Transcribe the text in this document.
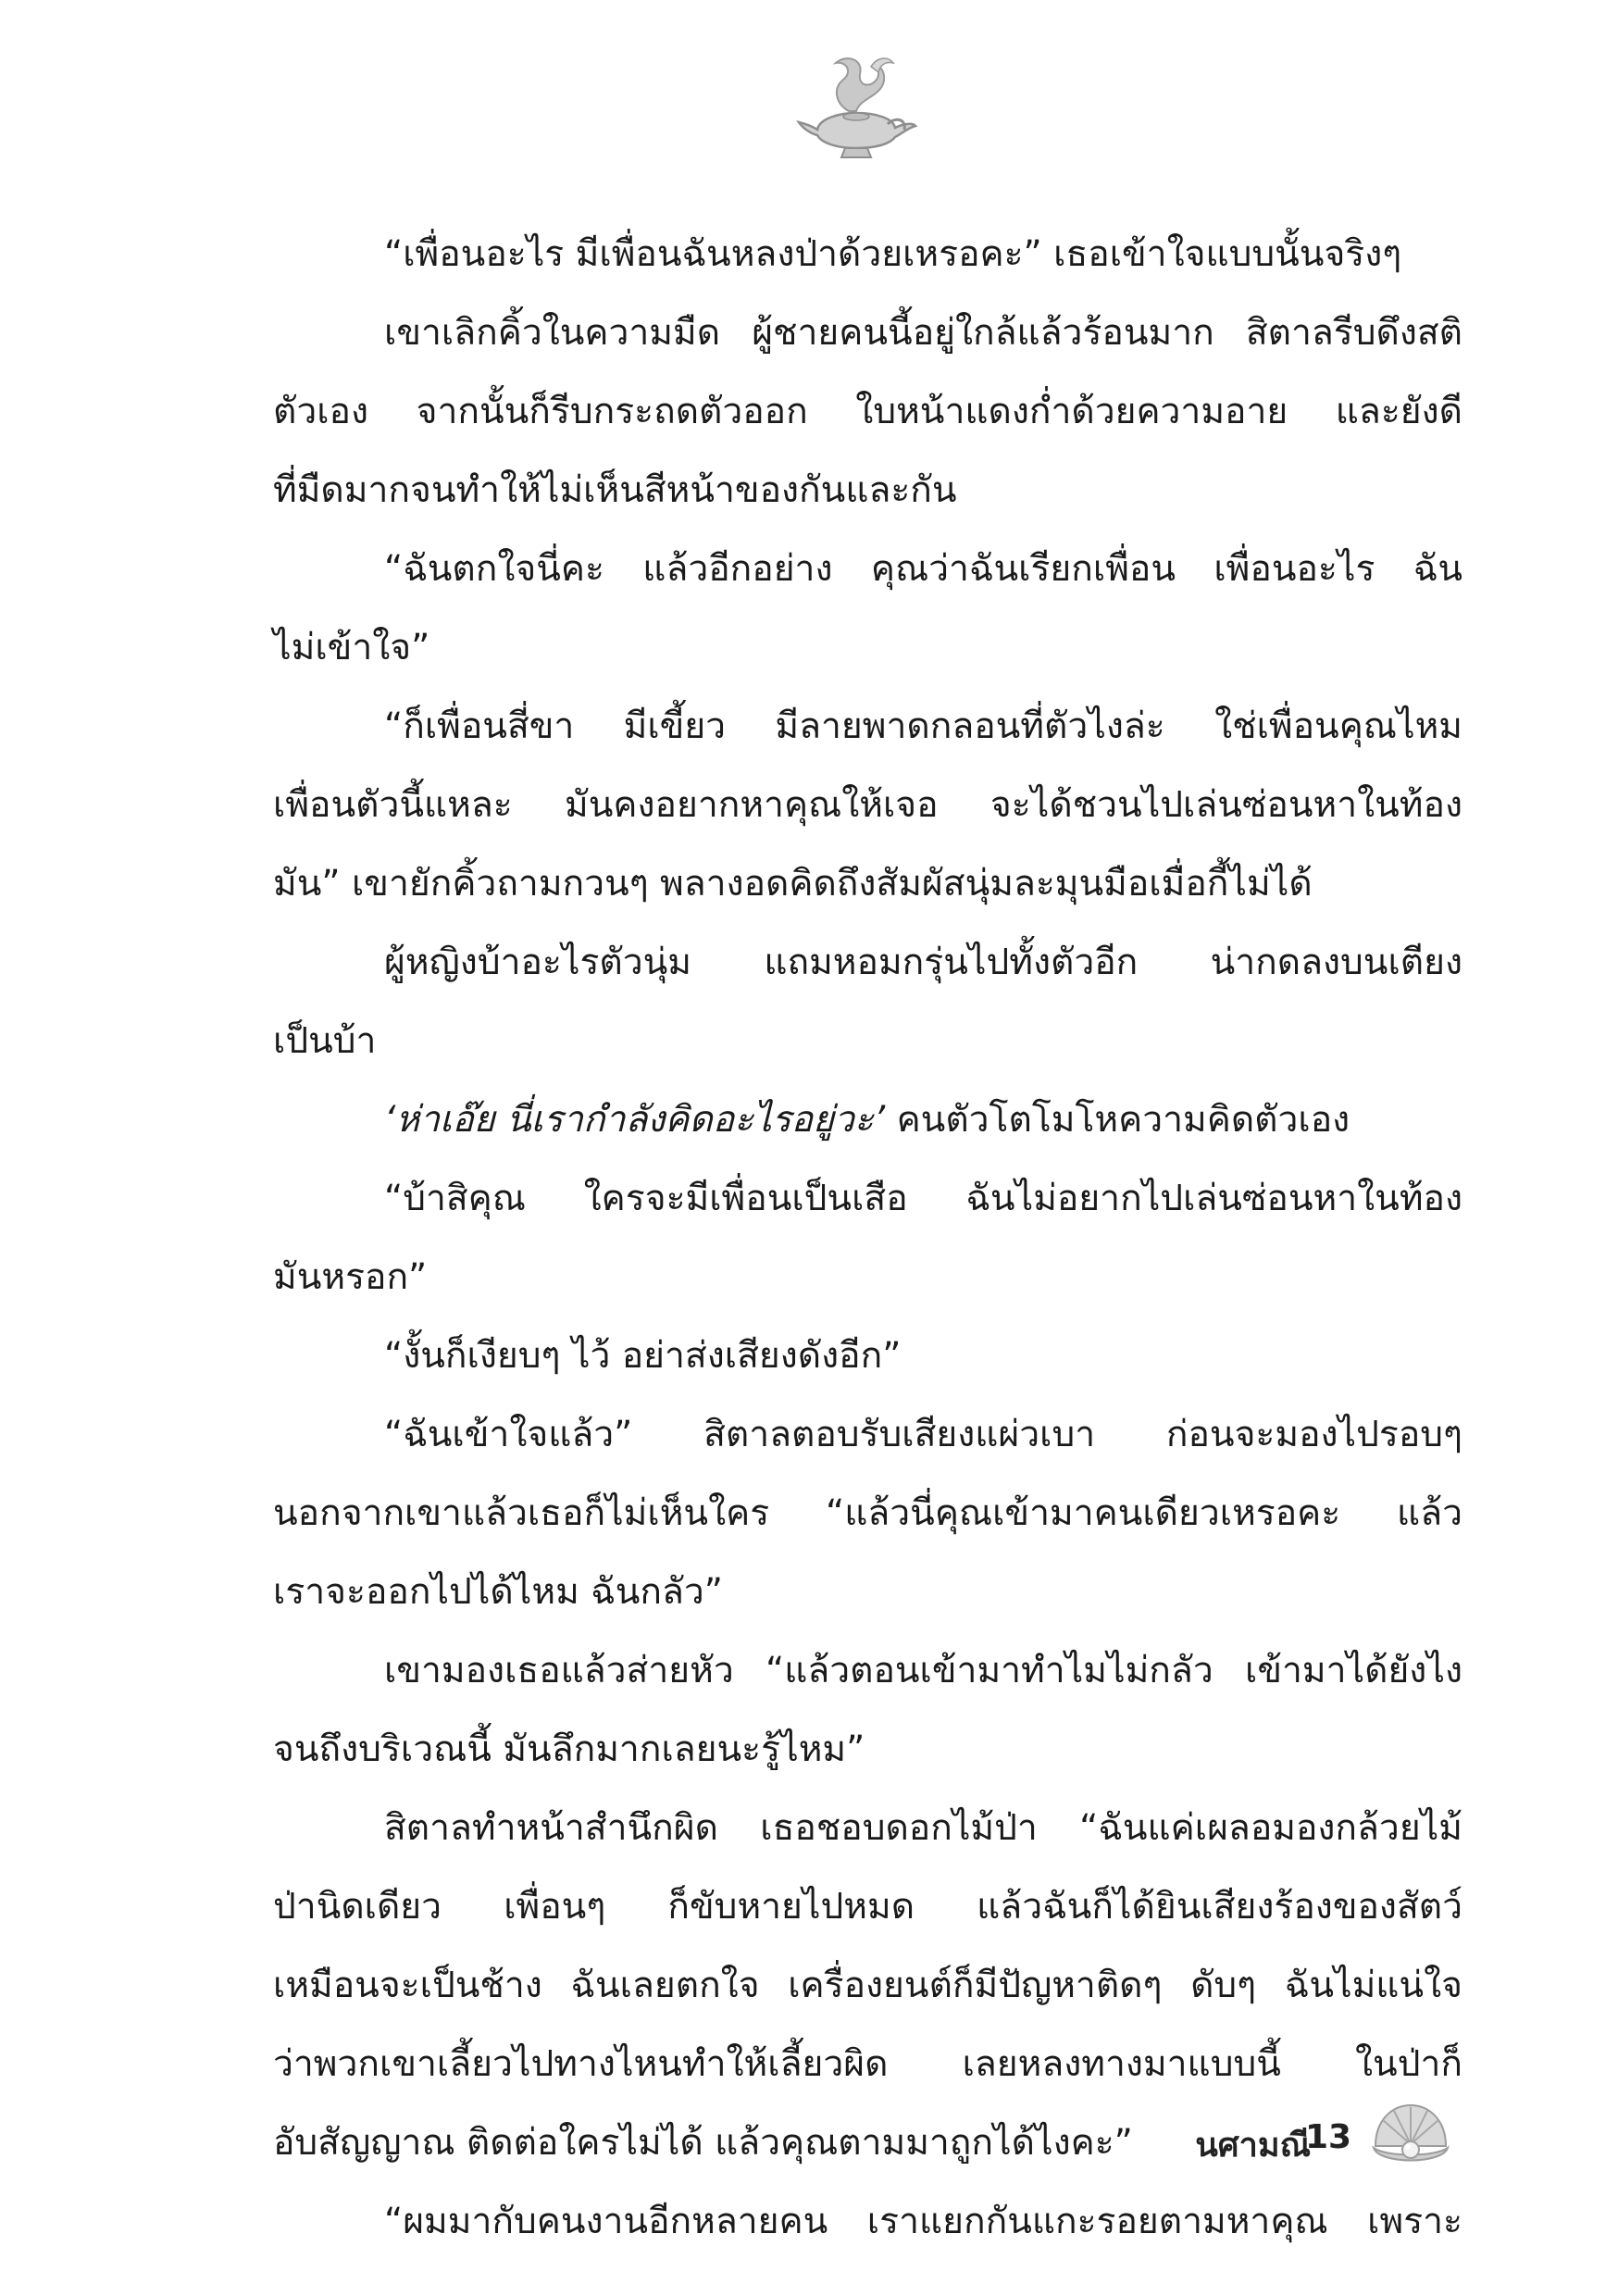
“เพื่อนอะไร มีเพื่อนฉันหลงป่าด้วยเหรอคะ” เธอเข้าใจแบบนั้นจริงๆ
เขาเลิกคิ้วในความมืด ผู้ชายคนนี้อยู่ใกล้แล้วร้อนมาก สิตาลรีบดึงสติ
ตัวเอง จากนั้นก็รีบกระถดตัวออก ใบหน้าแดงก่ำด้วยความอาย และยังดี
ที่มืดมากจนทำให้ไม่เห็นสีหน้าของกันและกัน
“ฉันตกใจนี่คะ แล้วอีกอย่าง คุณว่าฉันเรียกเพื่อน เพื่อนอะไร ฉัน
ไม่เข้าใจ”
“ก็เพื่อนสี่ขา มีเขี้ยว มีลายพาดกลอนที่ตัวไงล่ะ ใช่เพื่อนคุณไหม
เพื่อนตัวนี้แหละ มันคงอยากหาคุณให้เจอ จะได้ชวนไปเล่นซ่อนหาในท้อง
มัน” เขายักคิ้วถามกวนๆ พลางอดคิดถึงสัมผัสนุ่มละมุนมือเมื่อกี้ไม่ได้
ผู้หญิงบ้าอะไรตัวนุ่ม แถมหอมกรุ่นไปทั้งตัวอีก น่ากดลงบนเตียง
เป็นบ้า
‘ห่าเอ๊ย นี่เรากำลังคิดอะไรอยู่วะ’ คนตัวโตโมโหความคิดตัวเอง
“บ้าสิคุณ ใครจะมีเพื่อนเป็นเสือ ฉันไม่อยากไปเล่นซ่อนหาในท้อง
มันหรอก”
“งั้นก็เงียบๆ ไว้ อย่าส่งเสียงดังอีก”
“ฉันเข้าใจแล้ว” สิตาลตอบรับเสียงแผ่วเบา ก่อนจะมองไปรอบๆ
นอกจากเขาแล้วเธอก็ไม่เห็นใคร “แล้วนี่คุณเข้ามาคนเดียวเหรอคะ แล้ว
เราจะออกไปได้ไหม ฉันกลัว”
เขามองเธอแล้วส่ายหัว “แล้วตอนเข้ามาทำไมไม่กลัว เข้ามาได้ยังไง
จนถึงบริเวณนี้ มันลึกมากเลยนะรู้ไหม”
สิตาลทำหน้าสำนึกผิด เธอชอบดอกไม้ป่า “ฉันแค่เผลอมองกล้วยไม้
ป่านิดเดียว เพื่อนๆ ก็ขับหายไปหมด แล้วฉันก็ได้ยินเสียงร้องของสัตว์
เหมือนจะเป็นช้าง ฉันเลยตกใจ เครื่องยนต์ก็มีปัญหาติดๆ ดับๆ ฉันไม่แน่ใจ
ว่าพวกเขาเลี้ยวไปทางไหนทำให้เลี้ยวผิด เลยหลงทางมาแบบนี้ ในป่าก็
อับสัญญาณ ติดต่อใครไม่ได้ แล้วคุณตามมาถูกได้ไงคะ”
“ผมมากับคนงานอีกหลายคน เราแยกกันแกะรอยตามหาคุณ เพราะ
นศามณี
13
